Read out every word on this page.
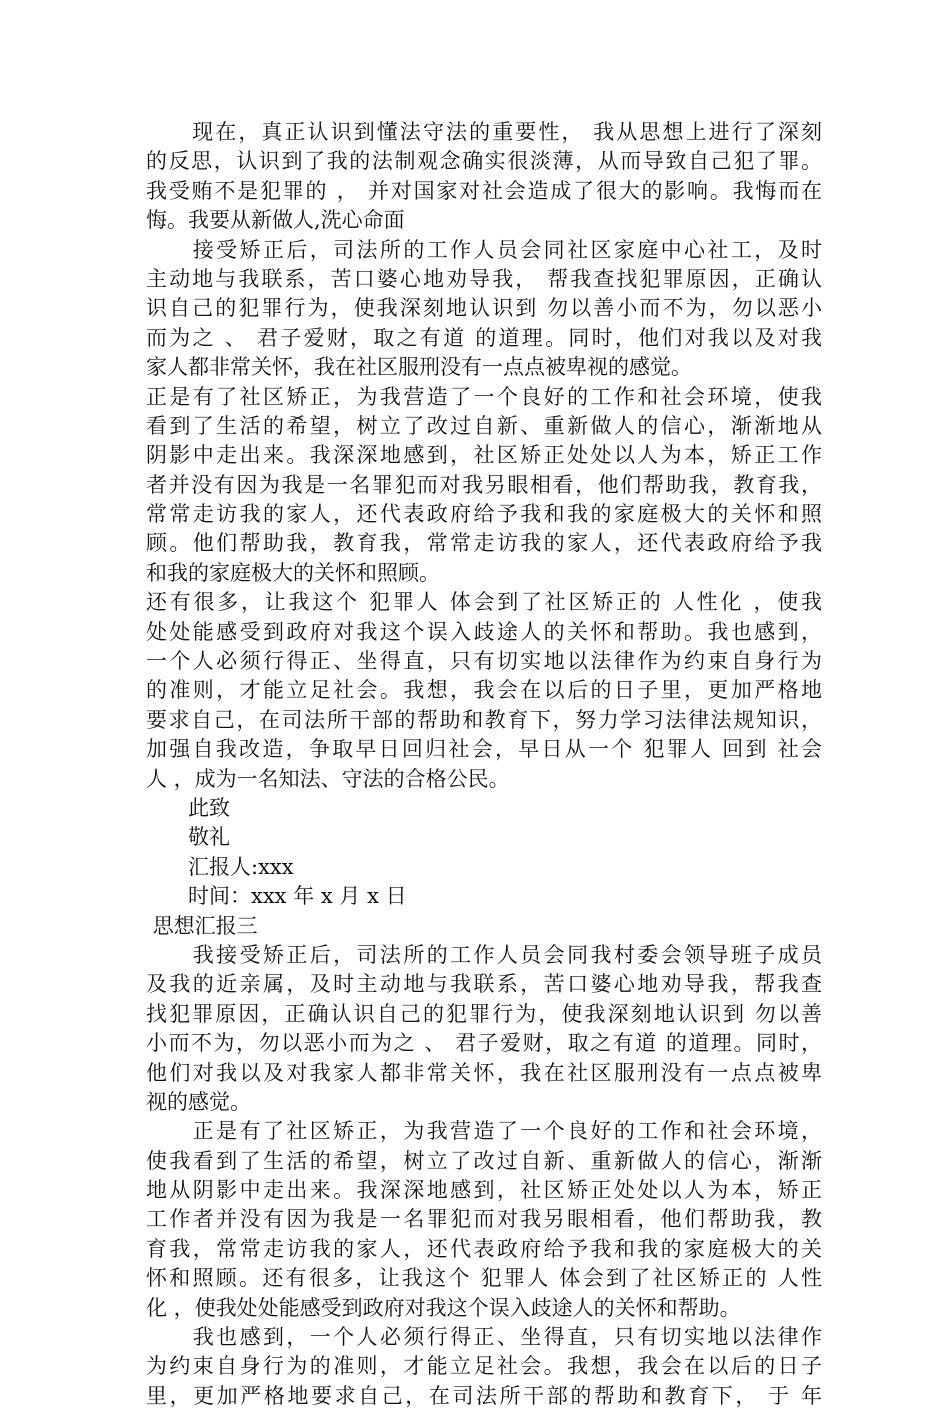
　　现在，真正认识到懂法守法的重要性， 我从思想上进行了深刻
的反思，认识到了我的法制观念确实很淡薄，从而导致自己犯了罪。
我受贿不是犯罪的 ， 并对国家对社会造成了很大的影响。我悔而在
悔。我要从新做人,洗心命面
　　接受矫正后，司法所的工作人员会同社区家庭中心社工，及时
主动地与我联系，苦口婆心地劝导我， 帮我查找犯罪原因，正确认
识自己的犯罪行为，使我深刻地认识到 勿以善小而不为，勿以恶小
而为之 、 君子爱财，取之有道 的道理。同时，他们对我以及对我
家人都非常关怀，我在社区服刑没有一点点被卑视的感觉。
正是有了社区矫正，为我营造了一个良好的工作和社会环境，使我
看到了生活的希望，树立了改过自新、重新做人的信心，渐渐地从
阴影中走出来。我深深地感到，社区矫正处处以人为本，矫正工作
者并没有因为我是一名罪犯而对我另眼相看，他们帮助我，教育我，
常常走访我的家人，还代表政府给予我和我的家庭极大的关怀和照
顾。他们帮助我，教育我，常常走访我的家人，还代表政府给予我
和我的家庭极大的关怀和照顾。
还有很多，让我这个 犯罪人 体会到了社区矫正的 人性化 ，使我
处处能感受到政府对我这个误入歧途人的关怀和帮助。我也感到，
一个人必须行得正、坐得直，只有切实地以法律作为约束自身行为
的准则，才能立足社会。我想，我会在以后的日子里，更加严格地
要求自己，在司法所干部的帮助和教育下，努力学习法律法规知识，
加强自我改造，争取早日回归社会，早日从一个 犯罪人 回到 社会
人 ，成为一名知法、守法的合格公民。
　　此致
　　敬礼
　　汇报人:xxx
　　时间：xxx 年 x 月 x 日
思想汇报三
　　我接受矫正后，司法所的工作人员会同我村委会领导班子成员
及我的近亲属，及时主动地与我联系，苦口婆心地劝导我，帮我查
找犯罪原因，正确认识自己的犯罪行为，使我深刻地认识到 勿以善
小而不为，勿以恶小而为之 、 君子爱财，取之有道 的道理。同时，
他们对我以及对我家人都非常关怀，我在社区服刑没有一点点被卑
视的感觉。
　　正是有了社区矫正，为我营造了一个良好的工作和社会环境，
使我看到了生活的希望，树立了改过自新、重新做人的信心，渐渐
地从阴影中走出来。我深深地感到，社区矫正处处以人为本，矫正
工作者并没有因为我是一名罪犯而对我另眼相看，他们帮助我，教
育我，常常走访我的家人，还代表政府给予我和我的家庭极大的关
怀和照顾。还有很多，让我这个 犯罪人 体会到了社区矫正的 人性
化 ，使我处处能感受到政府对我这个误入歧途人的关怀和帮助。
　　我也感到，一个人必须行得正、坐得直，只有切实地以法律作
为约束自身行为的准则，才能立足社会。我想，我会在以后的日子
里，更加严格地要求自己，在司法所干部的帮助和教育下， 于 年
